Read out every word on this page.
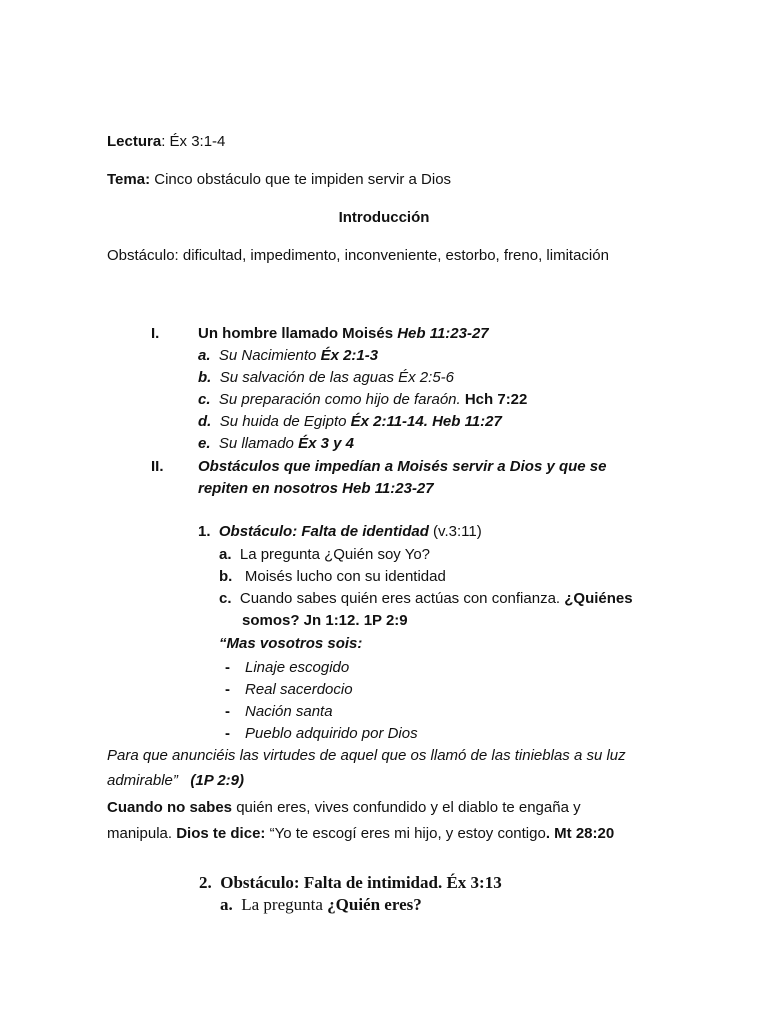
Lectura: Éx 3:1-4
Tema: Cinco obstáculo que te impiden servir a Dios
Introducción
Obstáculo: dificultad, impedimento, inconveniente, estorbo, freno, limitación
I.	Un hombre llamado Moisés Heb 11:23-27
a. Su Nacimiento Éx 2:1-3
b. Su salvación de las aguas Éx 2:5-6
c. Su preparación como hijo de faraón. Hch 7:22
d. Su huida de Egipto Éx 2:11-14. Heb 11:27
e. Su llamado Éx 3 y 4
II. Obstáculos que impedían a Moisés servir a Dios y que se
repiten en nosotros Heb 11:23-27
1. Obstáculo: Falta de identidad (v.3:11)
a. La pregunta ¿Quién soy Yo?
b.   Moisés lucho con su identidad
c. Cuando sabes quién eres actúas con confianza. ¿Quiénes
somos? Jn 1:12. 1P 2:9
“Mas vosotros sois:
- Linaje escogido
- Real sacerdocio
- Nación santa
- Pueblo adquirido por Dios
Para que anunciéis las virtudes de aquel que os llamó de las tinieblas a su luz
admirable” (1P 2:9)
Cuando no sabes quién eres, vives confundido y el diablo te engaña y
manipula. Dios te dice: “Yo te escogí eres mi hijo, y estoy contigo. Mt 28:20
2. Obstáculo: Falta de intimidad. Éx 3:13
a. La pregunta ¿Quién eres?
